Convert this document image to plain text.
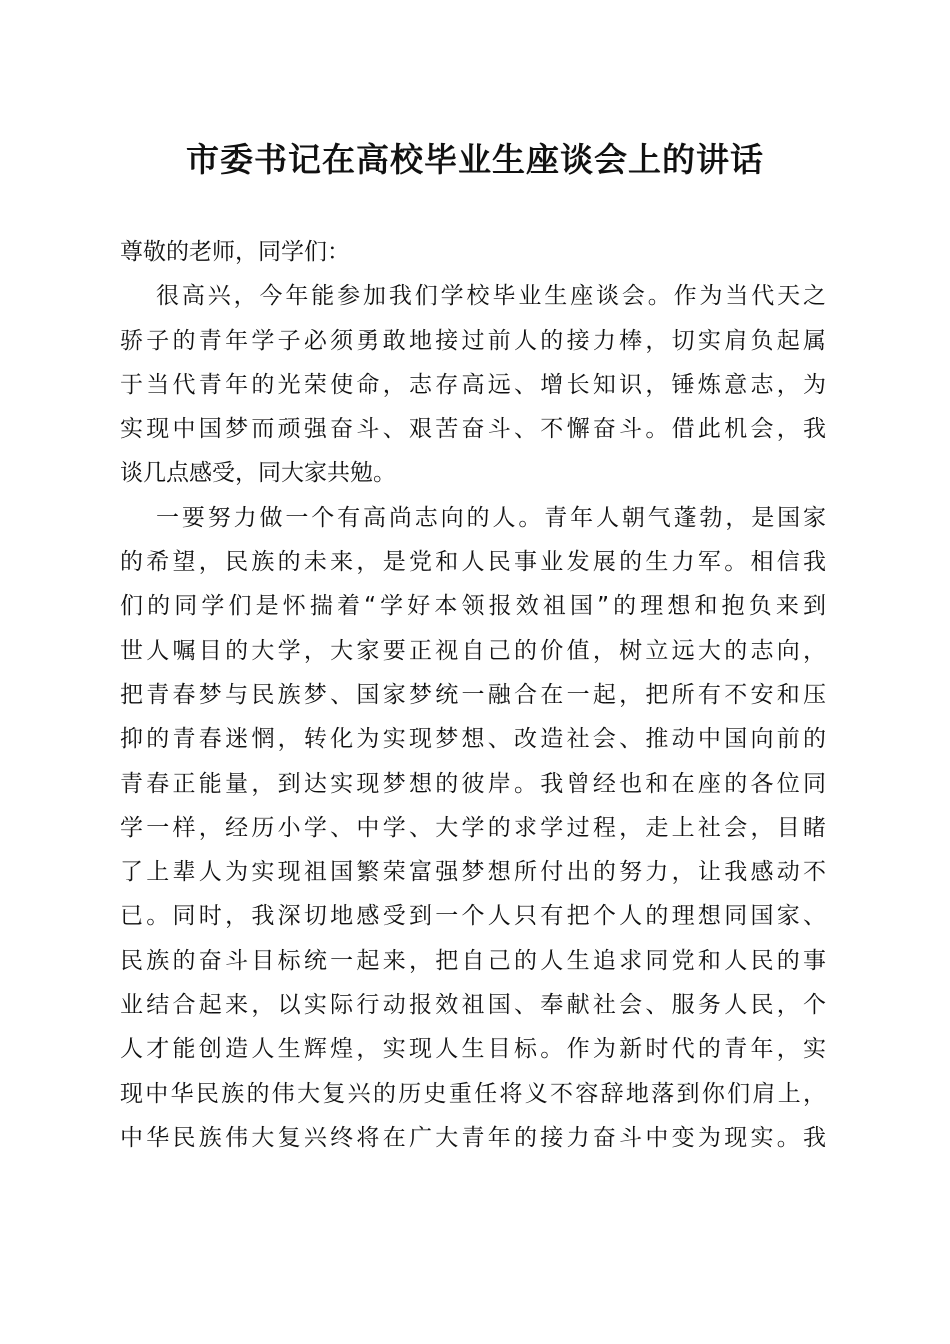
市委书记在高校毕业生座谈会上的讲话
尊敬的老师，同学们：
很高兴，今年能参加我们学校毕业生座谈会。作为当代天之
骄子的青年学子必须勇敢地接过前人的接力棒，切实肩负起属
于当代青年的光荣使命，志存高远、增长知识，锤炼意志，为
实现中国梦而顽强奋斗、艰苦奋斗、不懈奋斗。借此机会，我
谈几点感受，同大家共勉。
一要努力做一个有高尚志向的人。青年人朝气蓬勃，是国家
的希望，民族的未来，是党和人民事业发展的生力军。相信我
们的同学们是怀揣着“学好本领报效祖国”的理想和抱负来到
世人嘱目的大学，大家要正视自己的价值，树立远大的志向，
把青春梦与民族梦、国家梦统一融合在一起，把所有不安和压
抑的青春迷惘，转化为实现梦想、改造社会、推动中国向前的
青春正能量，到达实现梦想的彼岸。我曾经也和在座的各位同
学一样，经历小学、中学、大学的求学过程，走上社会，目睹
了上辈人为实现祖国繁荣富强梦想所付出的努力，让我感动不
已。同时，我深切地感受到一个人只有把个人的理想同国家、
民族的奋斗目标统一起来，把自己的人生追求同党和人民的事
业结合起来，以实际行动报效祖国、奉献社会、服务人民，个
人才能创造人生辉煌，实现人生目标。作为新时代的青年，实
现中华民族的伟大复兴的历史重任将义不容辞地落到你们肩上，
中华民族伟大复兴终将在广大青年的接力奋斗中变为现实。我
